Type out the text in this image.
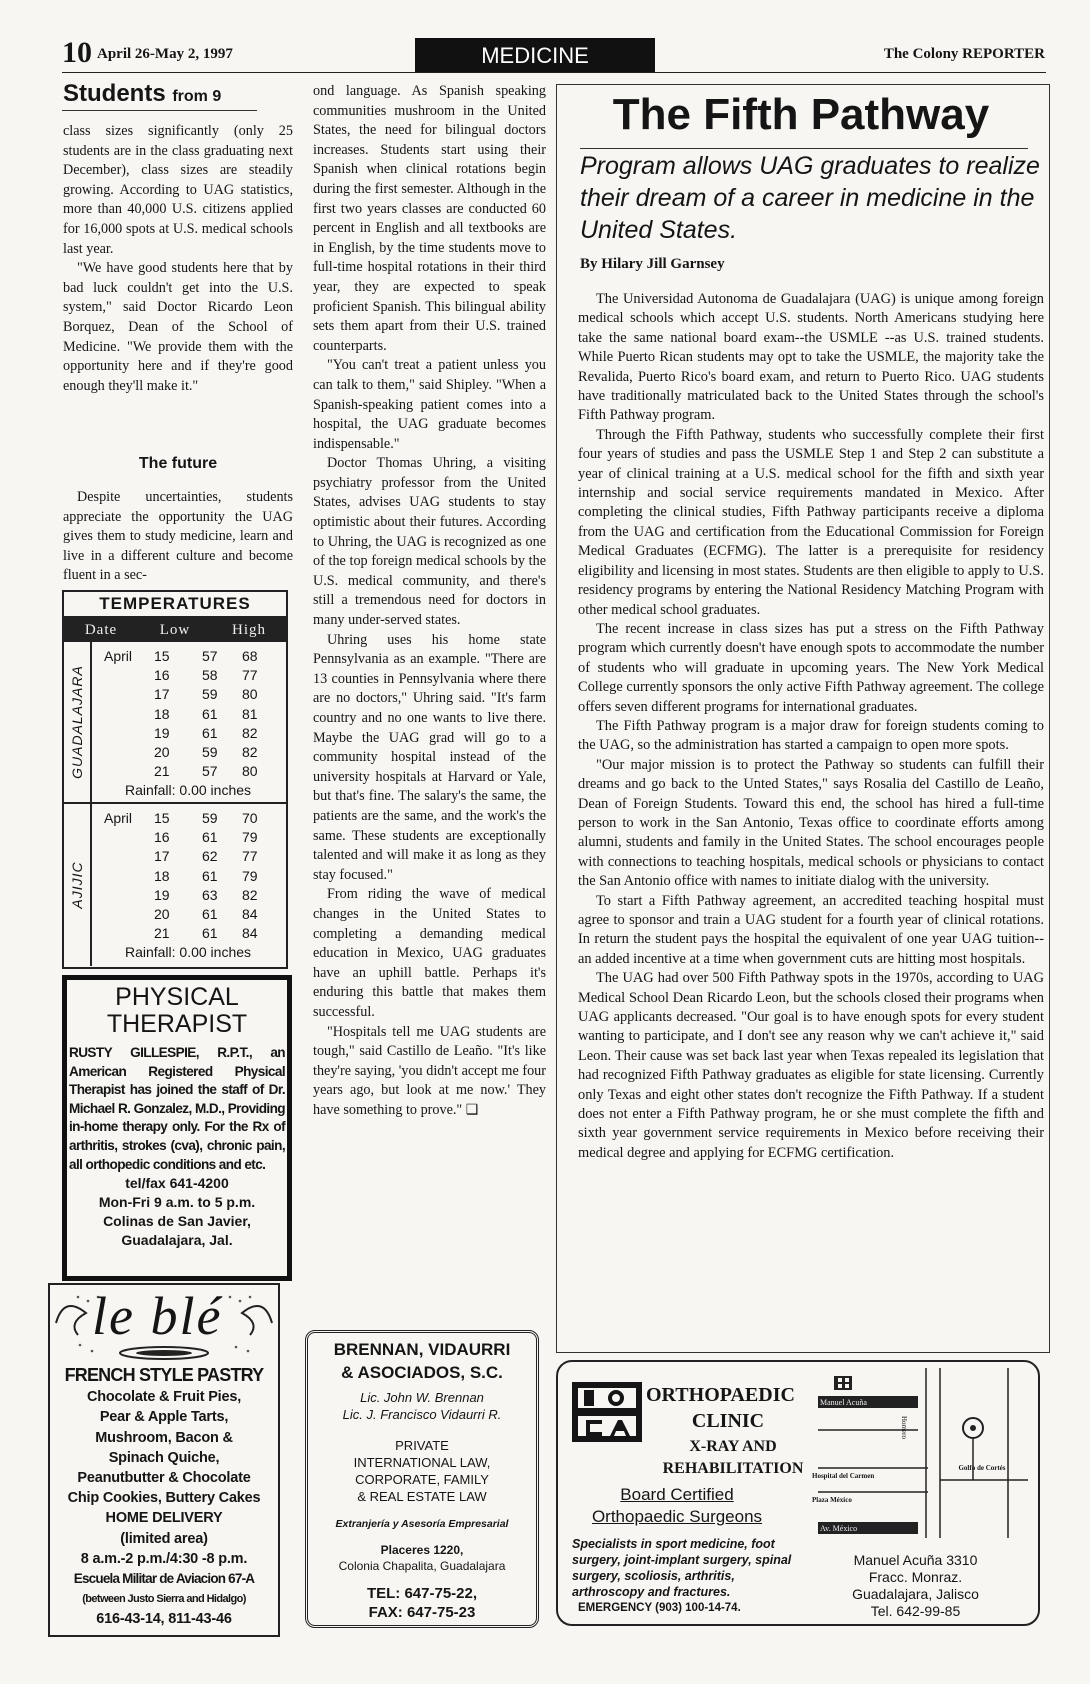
10 April 26-May 2, 1997	MEDICINE	The Colony REPORTER
Students from 9

class sizes significantly (only 25 students are in the class graduating next December), class sizes are steadily growing. According to UAG statistics, more than 40,000 U.S. citizens applied for 16,000 spots at U.S. medical schools last year.

"We have good students here that by bad luck couldn't get into the U.S. system," said Doctor Ricardo Leon Borquez, Dean of the School of Medicine. "We provide them with the opportunity here and if they're good enough they'll make it."

The future

Despite uncertainties, students appreciate the opportunity the UAG gives them to study medicine, learn and live in a different culture and become fluent in a sec-

TEMPERATURES
Date	Low	High
GUADALAJARA
April 15 57 68
16 58 77
17 59 80
18 61 81
19 61 82
20 59 82
21 57 80
Rainfall: 0.00 inches
AJIJIC
April 15 59 70
16 61 79
17 62 77
18 61 79
19 63 82
20 61 84
21 61 84
Rainfall: 0.00 inches
PHYSICAL
THERAPIST
RUSTY GILLESPIE, R.P.T., an American Registered Physical Therapist has joined the staff of Dr. Michael R. Gonzalez, M.D., Providing in-home therapy only. For the Rx of arthritis, strokes (cva), chronic pain, all orthopedic conditions and etc.
tel/fax 641-4200
Mon-Fri 9 a.m. to 5 p.m.
Colinas de San Javier,
Guadalajara, Jal.
le blé
FRENCH STYLE PASTRY
Chocolate & Fruit Pies,
Pear & Apple Tarts,
Mushroom, Bacon &
Spinach Quiche,
Peanutbutter & Chocolate
Chip Cookies, Buttery Cakes
HOME DELIVERY
(limited area)
8 a.m.-2 p.m./4:30 -8 p.m.
Escuela Militar de Aviacion 67-A
(between Justo Sierra and Hidalgo)
616-43-14, 811-43-46

ond language. As Spanish speaking communities mushroom in the United States, the need for bilingual doctors increases. Students start using their Spanish when clinical rotations begin during the first semester. Although in the first two years classes are conducted 60 percent in English and all textbooks are in English, by the time students move to full-time hospital rotations in their third year, they are expected to speak proficient Spanish. This bilingual ability sets them apart from their U.S. trained counterparts.

"You can't treat a patient unless you can talk to them," said Shipley. "When a Spanish-speaking patient comes into a hospital, the UAG graduate becomes indispensable."

Doctor Thomas Uhring, a visiting psychiatry professor from the United States, advises UAG students to stay optimistic about their futures. According to Uhring, the UAG is recognized as one of the top foreign medical schools by the U.S. medical community, and there's still a tremendous need for doctors in many under-served states.

Uhring uses his home state Pennsylvania as an example. "There are 13 counties in Pennsylvania where there are no doctors," Uhring said. "It's farm country and no one wants to live there. Maybe the UAG grad will go to a community hospital instead of the university hospitals at Harvard or Yale, but that's fine. The salary's the same, the patients are the same, and the work's the same. These students are exceptionally talented and will make it as long as they stay focused."

From riding the wave of medical changes in the United States to completing a demanding medical education in Mexico, UAG graduates have an uphill battle. Perhaps it's enduring this battle that makes them successful.

"Hospitals tell me UAG students are tough," said Castillo de Leaño. "It's like they're saying, 'you didn't accept me four years ago, but look at me now.' They have something to prove." ❑

BRENNAN, VIDAURRI
& ASOCIADOS, S.C.
Lic. John W. Brennan
Lic. J. Francisco Vidaurri R.
PRIVATE
INTERNATIONAL LAW,
CORPORATE, FAMILY
& REAL ESTATE LAW
Extranjería y Asesoría Empresarial
Placeres 1220,
Colonia Chapalita, Guadalajara
TEL: 647-75-22,
FAX: 647-75-23
The Fifth Pathway
Program allows UAG graduates to realize their dream of a career in medicine in the United States.
By Hilary Jill Garnsey

The Universidad Autonoma de Guadalajara (UAG) is unique among foreign medical schools which accept U.S. students. North Americans studying here take the same national board exam--the USMLE --as U.S. trained students. While Puerto Rican students may opt to take the USMLE, the majority take the Revalida, Puerto Rico's board exam, and return to Puerto Rico. UAG students have traditionally matriculated back to the United States through the school's Fifth Pathway program.

Through the Fifth Pathway, students who successfully complete their first four years of studies and pass the USMLE Step 1 and Step 2 can substitute a year of clinical training at a U.S. medical school for the fifth and sixth year internship and social service requirements mandated in Mexico. After completing the clinical studies, Fifth Pathway participants receive a diploma from the UAG and certification from the Educational Commission for Foreign Medical Graduates (ECFMG). The latter is a prerequisite for residency eligibility and licensing in most states. Students are then eligible to apply to U.S. residency programs by entering the National Residency Matching Program with other medical school graduates.

The recent increase in class sizes has put a stress on the Fifth Pathway program which currently doesn't have enough spots to accommodate the number of students who will graduate in upcoming years. The New York Medical College currently sponsors the only active Fifth Pathway agreement. The college offers seven different programs for international graduates.

The Fifth Pathway program is a major draw for foreign students coming to the UAG, so the administration has started a campaign to open more spots.

"Our major mission is to protect the Pathway so students can fulfill their dreams and go back to the Unted States," says Rosalia del Castillo de Leaño, Dean of Foreign Students. Toward this end, the school has hired a full-time person to work in the San Antonio, Texas office to coordinate efforts among alumni, students and family in the United States. The school encourages people with connections to teaching hospitals, medical schools or physicians to contact the San Antonio office with names to initiate dialog with the university.

To start a Fifth Pathway agreement, an accredited teaching hospital must agree to sponsor and train a UAG student for a fourth year of clinical rotations. In return the student pays the hospital the equivalent of one year UAG tuition--an added incentive at a time when government cuts are hitting most hospitals.

The UAG had over 500 Fifth Pathway spots in the 1970s, according to UAG Medical School Dean Ricardo Leon, but the schools closed their programs when UAG applicants decreased. "Our goal is to have enough spots for every student wanting to participate, and I don't see any reason why we can't achieve it," said Leon. Their cause was set back last year when Texas repealed its legislation that had recognized Fifth Pathway graduates as eligible for state licensing. Currently only Texas and eight other states don't recognize the Fifth Pathway. If a student does not enter a Fifth Pathway program, he or she must complete the fifth and sixth year government service requirements in Mexico before receiving their medical degree and applying for ECFMG certification.

ORTHOPAEDIC
CLINIC
X-RAY AND
REHABILITATION
Board Certified
Orthopaedic Surgeons
Specialists in sport medicine, foot surgery, joint-implant surgery, spinal surgery, scoliosis, arthritis, arthroscopy and fractures.
EMERGENCY (903) 100-14-74.
Manuel Acuña
Hospital del Carmen
Plaza México
Av. México
Golfo de Cortés
Homero
Manuel Acuña 3310
Fracc. Monraz.
Guadalajara, Jalisco
Tel. 642-99-85
